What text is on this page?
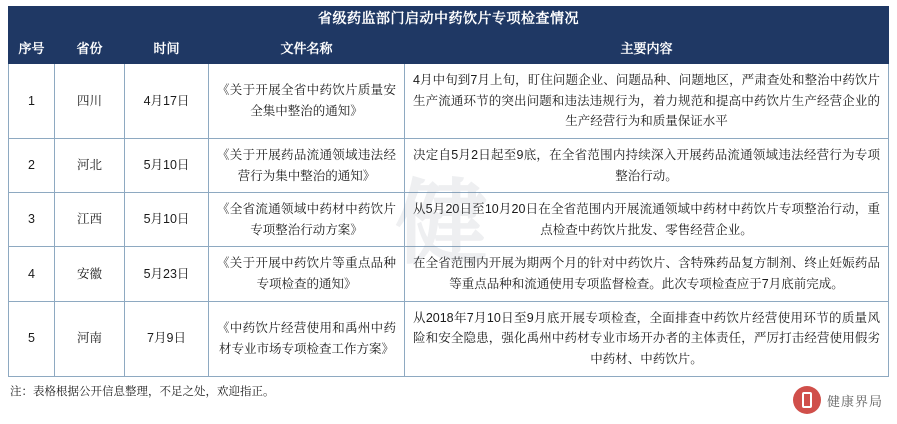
健
省级药监部门启动中药饮片专项检查情况
序号	省份	时间	文件名称	主要内容
1	四川	4月17日	《关于开展全省中药饮片质量安全集中整治的通知》	4月中旬到7月上旬，盯住问题企业、问题品种、问题地区，严肃查处和整治中药饮片生产流通环节的突出问题和违法违规行为，着力规范和提高中药饮片生产经营企业的生产经营行为和质量保证水平
2	河北	5月10日	《关于开展药品流通领域违法经营行为集中整治的通知》	决定自5月2日起至9底，在全省范围内持续深入开展药品流通领域违法经营行为专项整治行动。
3	江西	5月10日	《全省流通领域中药材中药饮片专项整治行动方案》	从5月20日至10月20日在全省范围内开展流通领域中药材中药饮片专项整治行动，重点检查中药饮片批发、零售经营企业。
4	安徽	5月23日	《关于开展中药饮片等重点品种专项检查的通知》	在全省范围内开展为期两个月的针对中药饮片、含特殊药品复方制剂、终止妊娠药品等重点品种和流通使用专项监督检查。此次专项检查应于7月底前完成。
5	河南	7月9日	《中药饮片经营使用和禹州中药材专业市场专项检查工作方案》	从2018年7月10日至9月底开展专项检查，全面排查中药饮片经营使用环节的质量风险和安全隐患，强化禹州中药材专业市场开办者的主体责任，严厉打击经营使用假劣中药材、中药饮片。
注：表格根据公开信息整理，不足之处，欢迎指正。
健康界局
